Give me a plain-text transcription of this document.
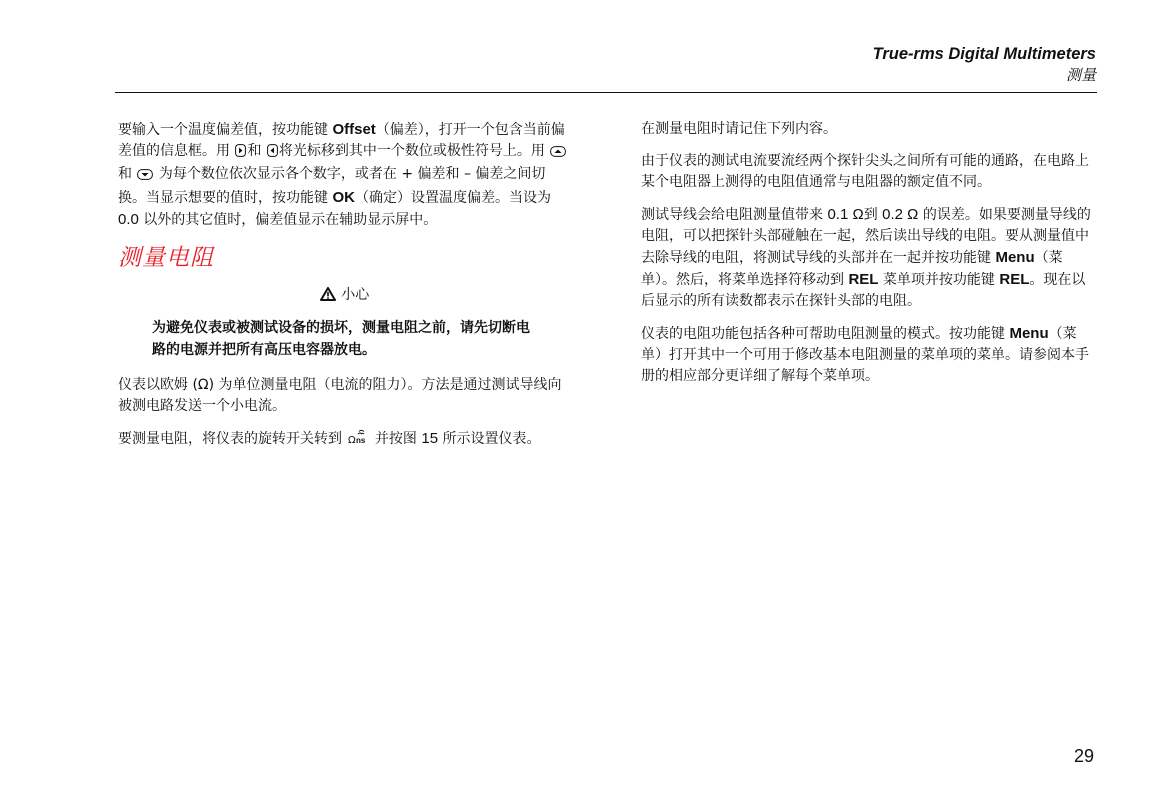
True-rms Digital Multimeters
测量

要输入一个温度偏差值，按功能键 Offset（偏差），打开一个包含当前偏差值的信息框。用 和 将光标移到其中一个数位或极性符号上。用 和  为每个数位依次显示各个数字，或者在 + 偏差和 – 偏差之间切换。当显示想要的值时，按功能键 OK（确定）设置温度偏差。当设为 0.0 以外的其它值时，偏差值显示在辅助显示屏中。

测量电阻
小心
为避免仪表或被测试设备的损坏，测量电阻之前，请先切断电路的电源并把所有高压电容器放电。

仪表以欧姆 (Ω) 为单位测量电阻（电流的阻力）。方法是通过测试导线向被测电路发送一个小电流。

要测量电阻，将仪表的旋转开关转到 Ω ns 并按图 15 所示设置仪表。

在测量电阻时请记住下列内容。

由于仪表的测试电流要流经两个探针尖头之间所有可能的通路，在电路上某个电阻器上测得的电阻值通常与电阻器的额定值不同。

测试导线会给电阻测量值带来 0.1 Ω到 0.2 Ω 的误差。如果要测量导线的电阻，可以把探针头部碰触在一起，然后读出导线的电阻。要从测量值中去除导线的电阻，将测试导线的头部并在一起并按功能键 Menu（菜单）。然后，将菜单选择符移动到 REL 菜单项并按功能键 REL。现在以后显示的所有读数都表示在探针头部的电阻。

仪表的电阻功能包括各种可帮助电阻测量的模式。按功能键 Menu（菜单）打开其中一个可用于修改基本电阻测量的菜单项的菜单。请参阅本手册的相应部分更详细了解每个菜单项。

29
